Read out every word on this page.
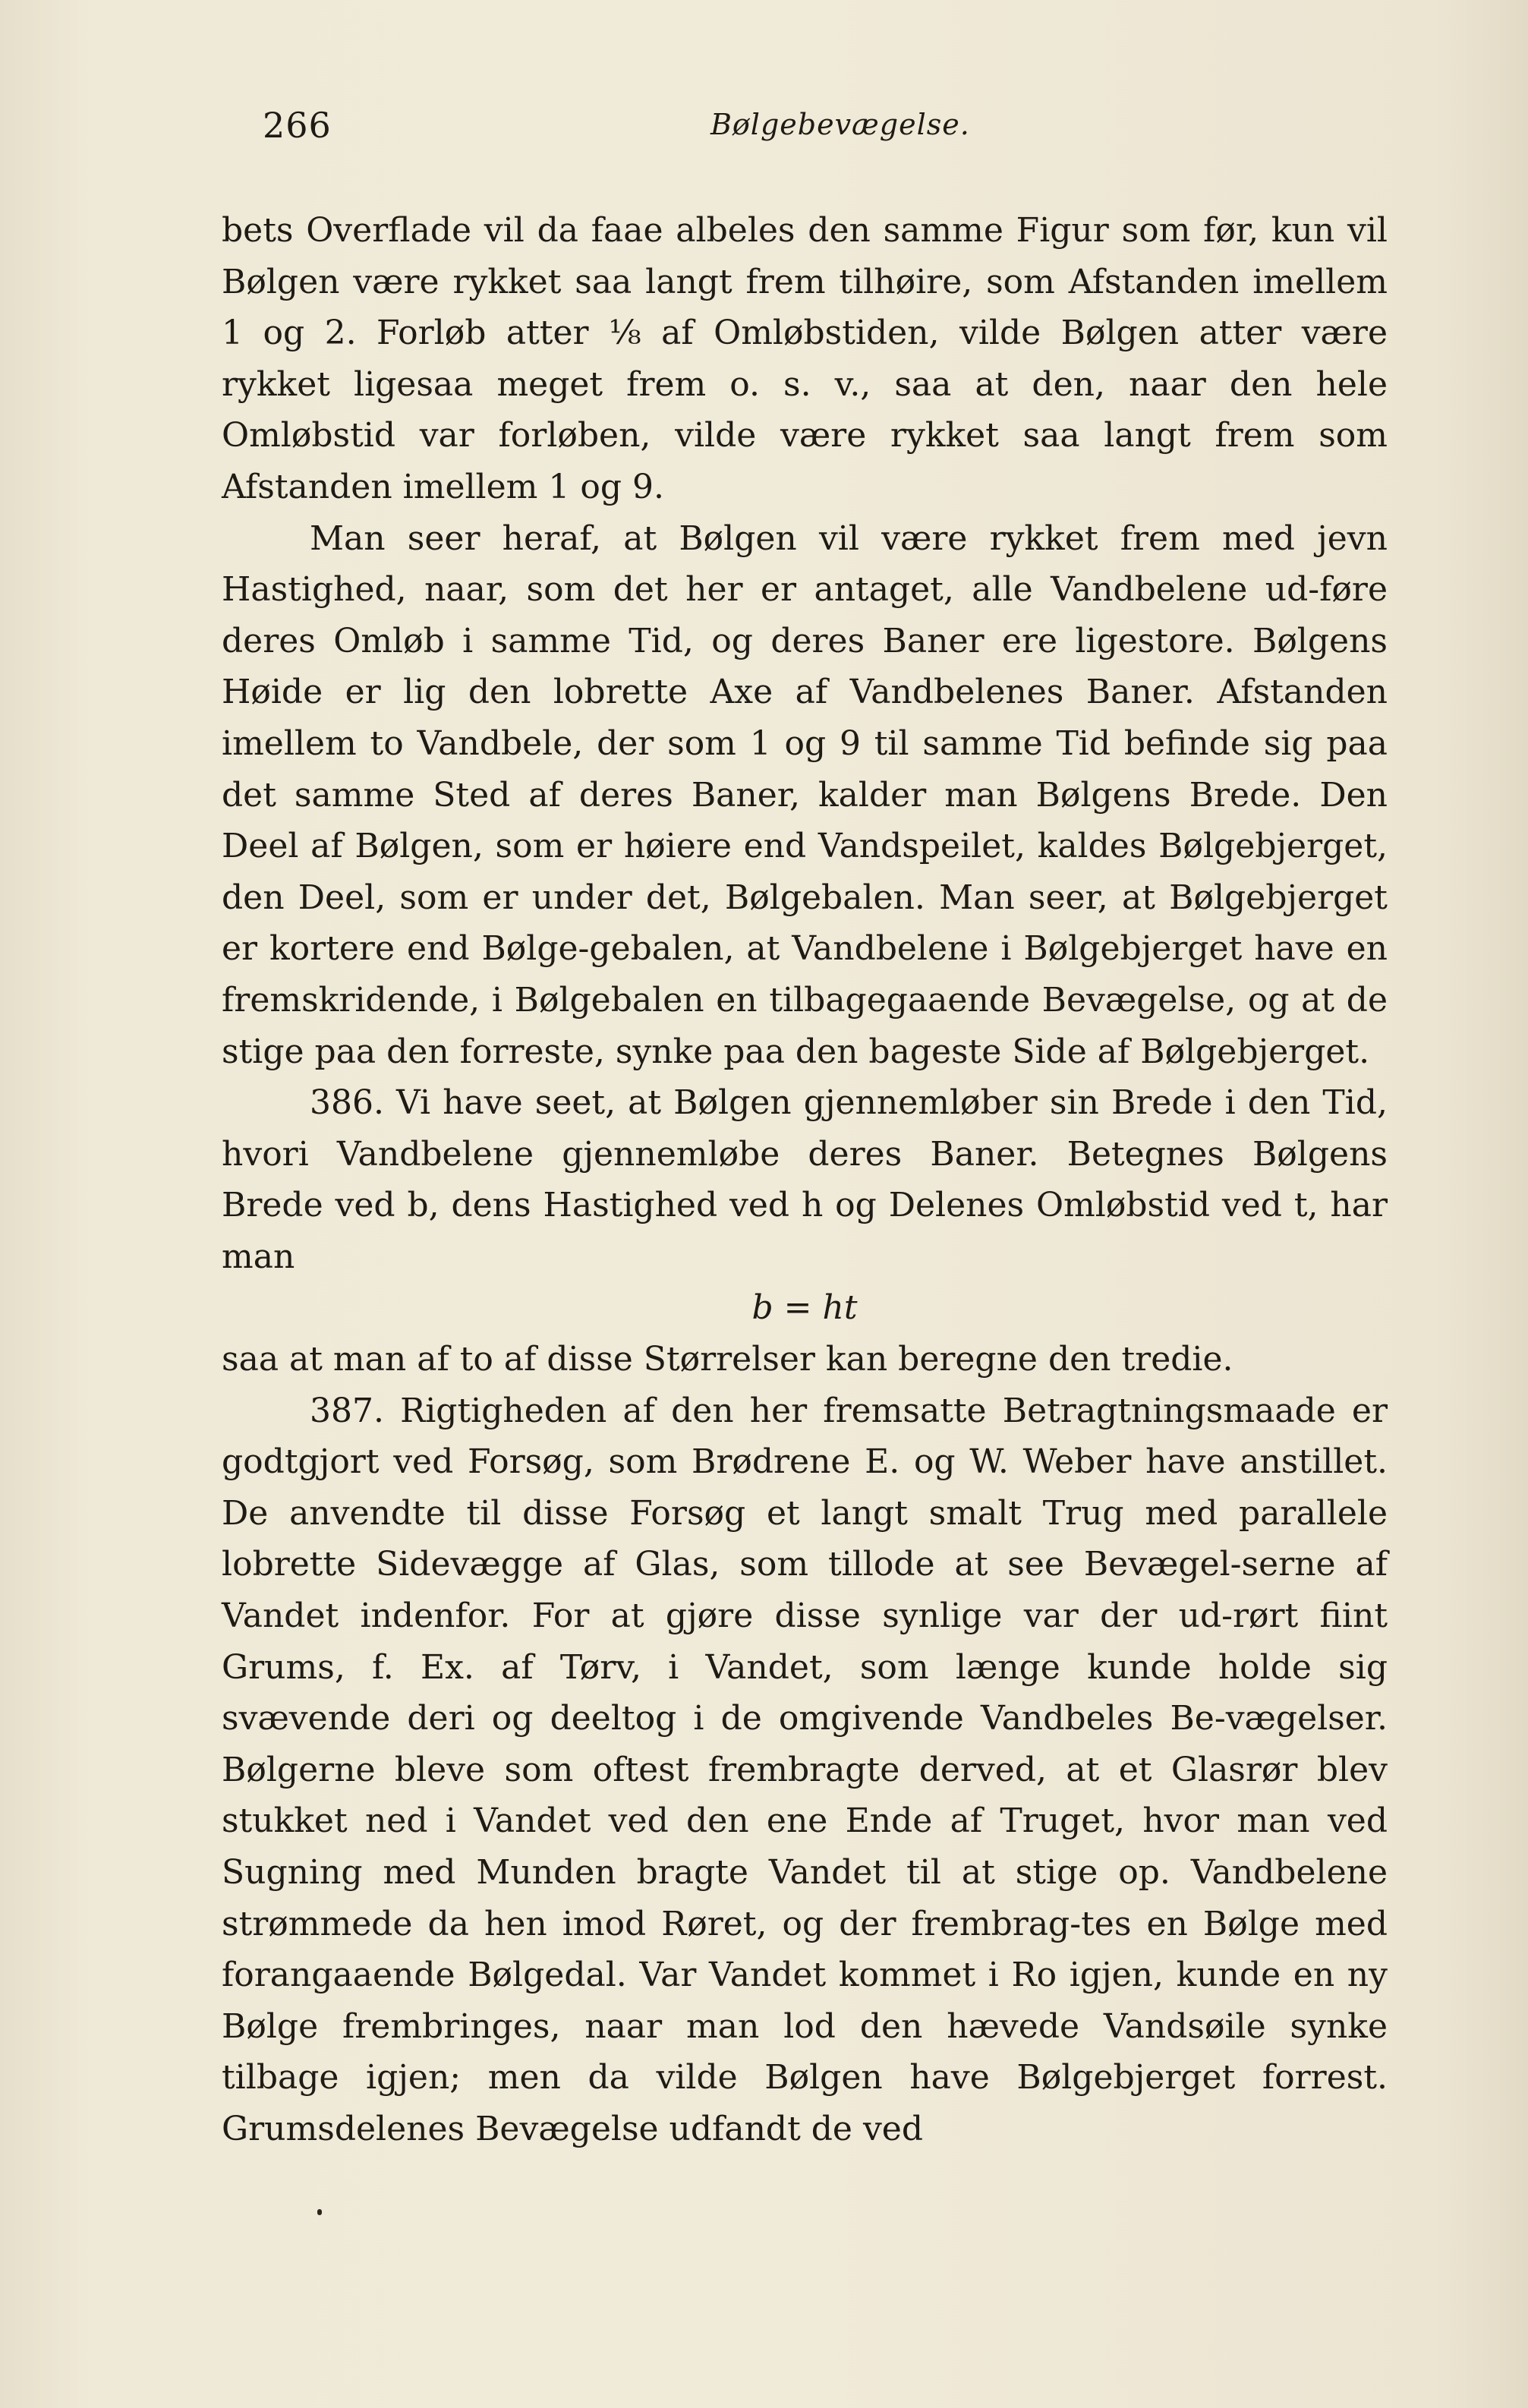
266	Bølgebevægelse.

bets Overflade vil da faae albeles den samme Figur som før, kun vil Bølgen være rykket saa langt frem tilhøire, som Afstanden imellem 1 og 2. Forløb atter ⅛ af Omløbstiden, vilde Bølgen atter være rykket ligesaa meget frem o. s. v., saa at den, naar den hele Omløbstid var forløben, vilde være rykket saa langt frem som Afstanden imellem 1 og 9.

Man seer heraf, at Bølgen vil være rykket frem med jevn Hastighed, naar, som det her er antaget, alle Vandbelene ud-føre deres Omløb i samme Tid, og deres Baner ere ligestore. Bølgens Høide er lig den lobrette Axe af Vandbelenes Baner. Afstanden imellem to Vandbele, der som 1 og 9 til samme Tid befinde sig paa det samme Sted af deres Baner, kalder man Bølgens Brede. Den Deel af Bølgen, som er høiere end Vandspeilet, kaldes Bølgebjerget, den Deel, som er under det, Bølgebalen. Man seer, at Bølgebjerget er kortere end Bølge-gebalen, at Vandbelene i Bølgebjerget have en fremskridende, i Bølgebalen en tilbagegaaende Bevægelse, og at de stige paa den forreste, synke paa den bageste Side af Bølgebjerget.

386. Vi have seet, at Bølgen gjennemløber sin Brede i den Tid, hvori Vandbelene gjennemløbe deres Baner. Betegnes Bølgens Brede ved b, dens Hastighed ved h og Delenes Omløbstid ved t, har man

b = ht

saa at man af to af disse Størrelser kan beregne den tredie.

387. Rigtigheden af den her fremsatte Betragtningsmaade er godtgjort ved Forsøg, som Brødrene E. og W. Weber have anstillet. De anvendte til disse Forsøg et langt smalt Trug med parallele lobrette Sidevægge af Glas, som tillode at see Bevægel-serne af Vandet indenfor. For at gjøre disse synlige var der ud-rørt fiint Grums, f. Ex. af Tørv, i Vandet, som længe kunde holde sig svævende deri og deeltog i de omgivende Vandbeles Be-vægelser. Bølgerne bleve som oftest frembragte derved, at et Glasrør blev stukket ned i Vandet ved den ene Ende af Truget, hvor man ved Sugning med Munden bragte Vandet til at stige op. Vandbelene strømmede da hen imod Røret, og der frembrag-tes en Bølge med forangaaende Bølgedal. Var Vandet kommet i Ro igjen, kunde en ny Bølge frembringes, naar man lod den hævede Vandsøile synke tilbage igjen; men da vilde Bølgen have Bølgebjerget forrest. Grumsdelenes Bevægelse udfandt de ved
